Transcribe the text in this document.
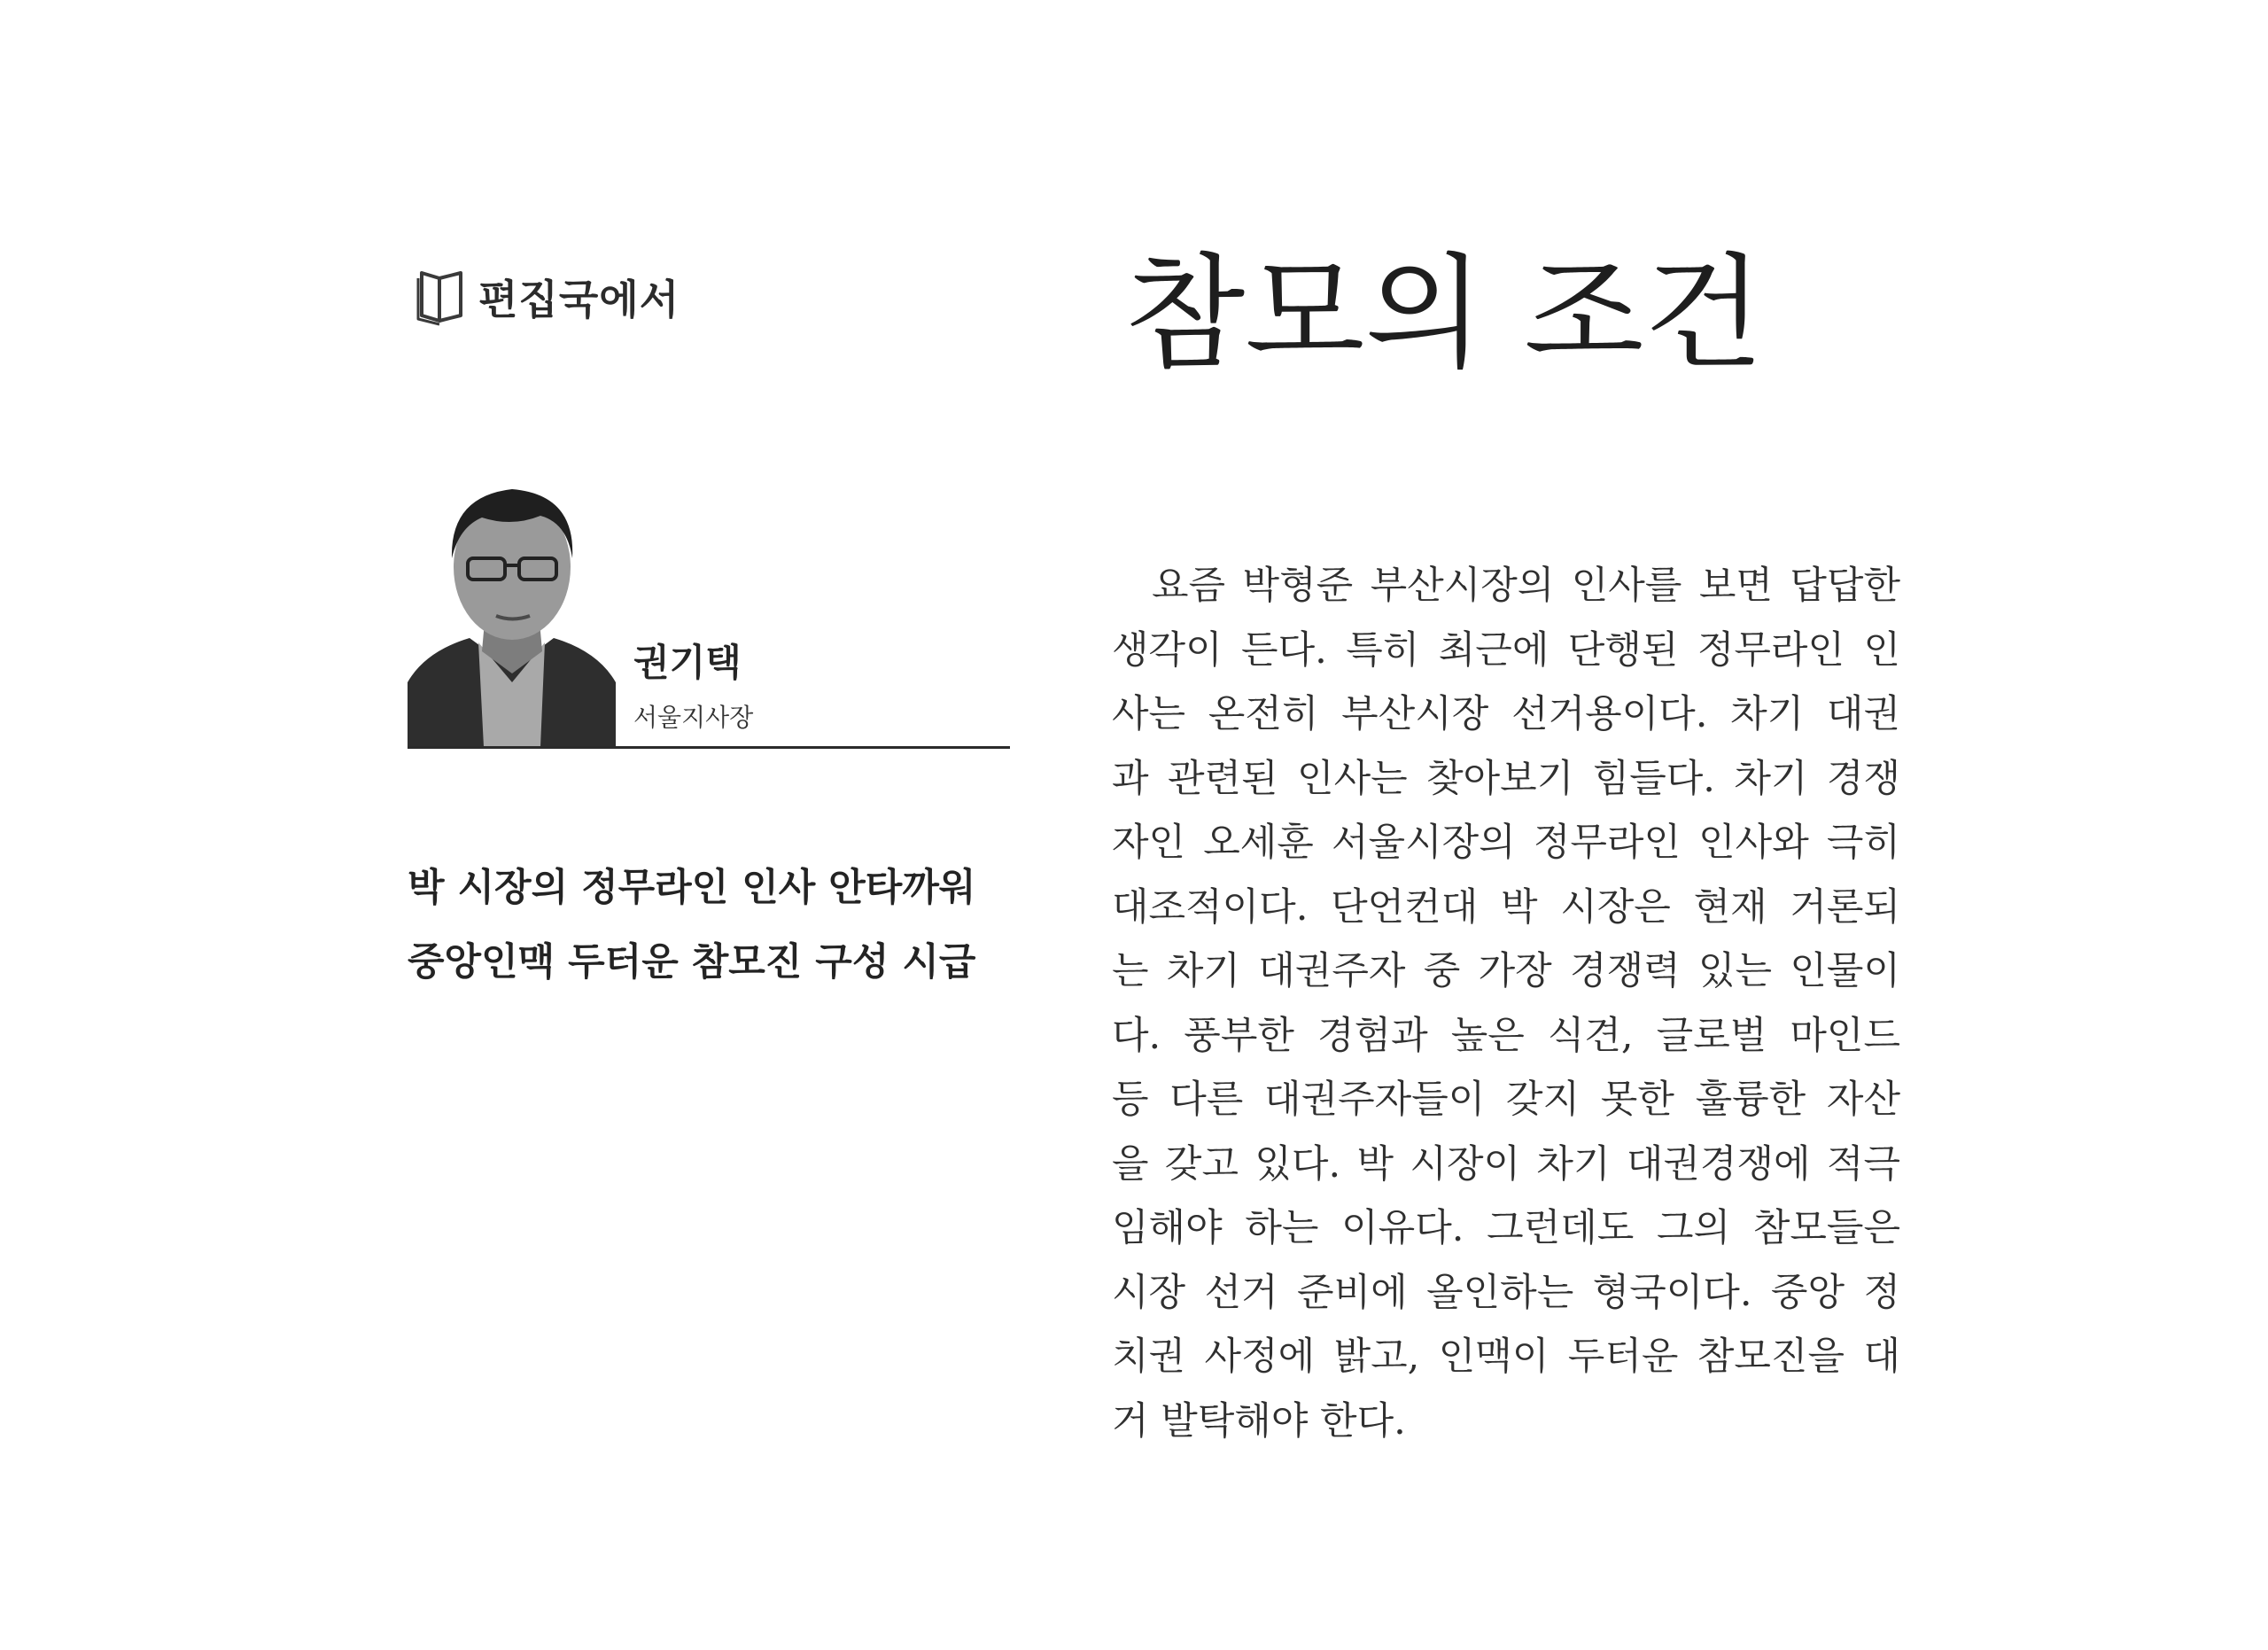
편집국에서	참모의 조건
권기택
서울지사장
박 시장의 정무라인 인사 안타까워
중앙인맥 두터운 참모진 구성 시급
요즘 박형준 부산시장의 인사를 보면 답답한
생각이 든다. 특히 최근에 단행된 정무라인 인
사는 온전히 부산시장 선거용이다. 차기 대권
과 관련된 인사는 찾아보기 힘들다. 차기 경쟁
자인 오세훈 서울시장의 정무라인 인사와 극히
대조적이다. 단언컨대 박 시장은 현재 거론되
는 차기 대권주자 중 가장 경쟁력 있는 인물이
다. 풍부한 경험과 높은 식견, 글로벌 마인드
등 다른 대권주자들이 갖지 못한 훌륭한 자산
을 갖고 있다. 박 시장이 차기 대권경쟁에 적극
임해야 하는 이유다. 그런데도 그의 참모들은
시장 선거 준비에 올인하는 형국이다. 중앙 정
치권 사정에 밝고, 인맥이 두터운 참모진을 대
거 발탁해야 한다.
